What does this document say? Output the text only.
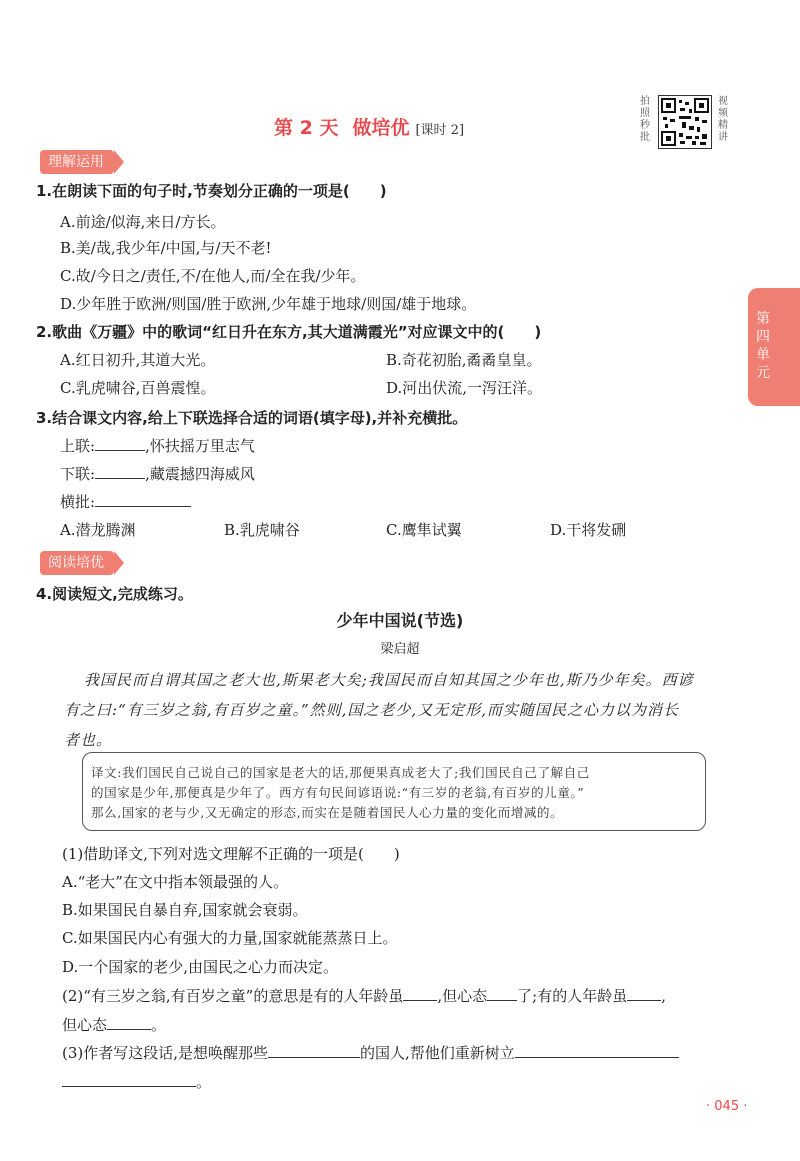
第 2 天 做培优 [课时 2]
拍照秒批
视频精讲
第四单元
理解运用
1.在朗读下面的句子时,节奏划分正确的一项是(　　)
A.前途/似海,来日/方长。
B.美/哉,我少年/中国,与/天不老!
C.故/今日之/责任,不/在他人,而/全在我/少年。
D.少年胜于欧洲/则国/胜于欧洲,少年雄于地球/则国/雄于地球。
2.歌曲《万疆》中的歌词“红日升在东方,其大道满霞光”对应课文中的(　　)
A.红日初升,其道大光。	B.奇花初胎,矞矞皇皇。
C.乳虎啸谷,百兽震惶。	D.河出伏流,一泻汪洋。
3.结合课文内容,给上下联选择合适的词语(填字母),并补充横批。
上联:	,怀扶摇万里志气
下联:	,藏震撼四海威风
横批:
A.潜龙腾渊	B.乳虎啸谷	C.鹰隼试翼	D.干将发硎
阅读培优
4.阅读短文,完成练习。
少年中国说(节选)
梁启超
我国民而自谓其国之老大也,斯果老大矣;我国民而自知其国之少年也,斯乃少年矣。西谚
有之曰:“有三岁之翁,有百岁之童。”然则,国之老少,又无定形,而实随国民之心力以为消长
者也。
译文:我们国民自己说自己的国家是老大的话,那便果真成老大了;我们国民自己了解自己
的国家是少年,那便真是少年了。西方有句民间谚语说:“有三岁的老翁,有百岁的儿童。”
那么,国家的老与少,又无确定的形态,而实在是随着国民人心力量的变化而增减的。
(1)借助译文,下列对选文理解不正确的一项是(　　)
A.“老大”在文中指本领最强的人。
B.如果国民自暴自弃,国家就会衰弱。
C.如果国民内心有强大的力量,国家就能蒸蒸日上。
D.一个国家的老少,由国民之心力而决定。
(2)“有三岁之翁,有百岁之童”的意思是有的人年龄虽 ,但心态 了;有的人年龄虽 ,
但心态	。
(3)作者写这段话,是想唤醒那些	的国人,帮他们重新树立
。
· 045 ·
